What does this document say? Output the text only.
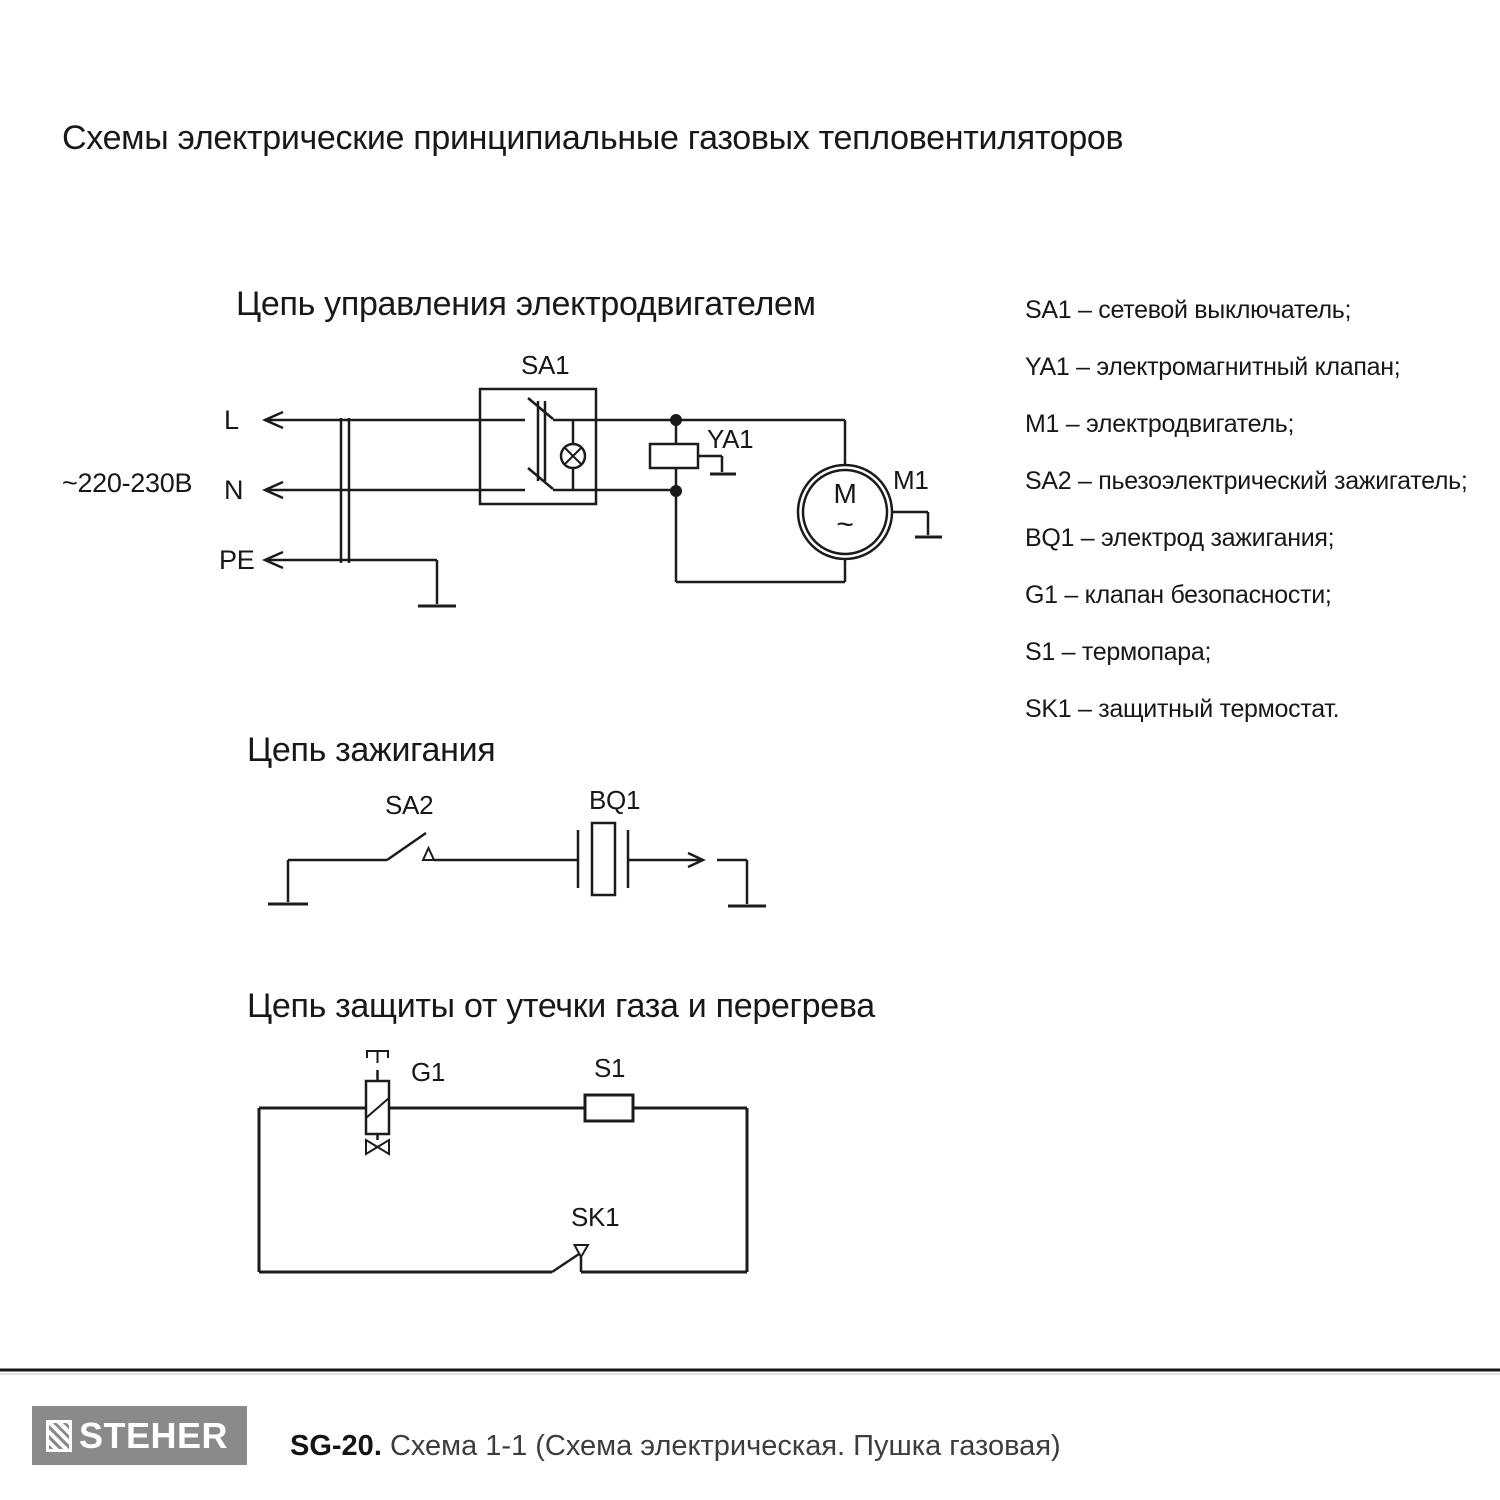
Схемы электрические принципиальные газовых тепловентиляторов
Цепь управления электродвигателем
SA1
YA1
M1
M
~
L
N
PE
~220-230В
Цепь зажигания
SA2	BQ1
Цепь защиты от утечки газа и перегрева
G1	S1
SK1
SA1 – сетевой выключатель;
YA1 – электромагнитный клапан;
M1 – электродвигатель;
SA2 – пьезоэлектрический зажигатель;
BQ1 – электрод зажигания;
G1 – клапан безопасности;
S1 – термопара;
SK1 – защитный термостат.
STEHER SG-20. Схема 1-1 (Схема электрическая. Пушка газовая)
